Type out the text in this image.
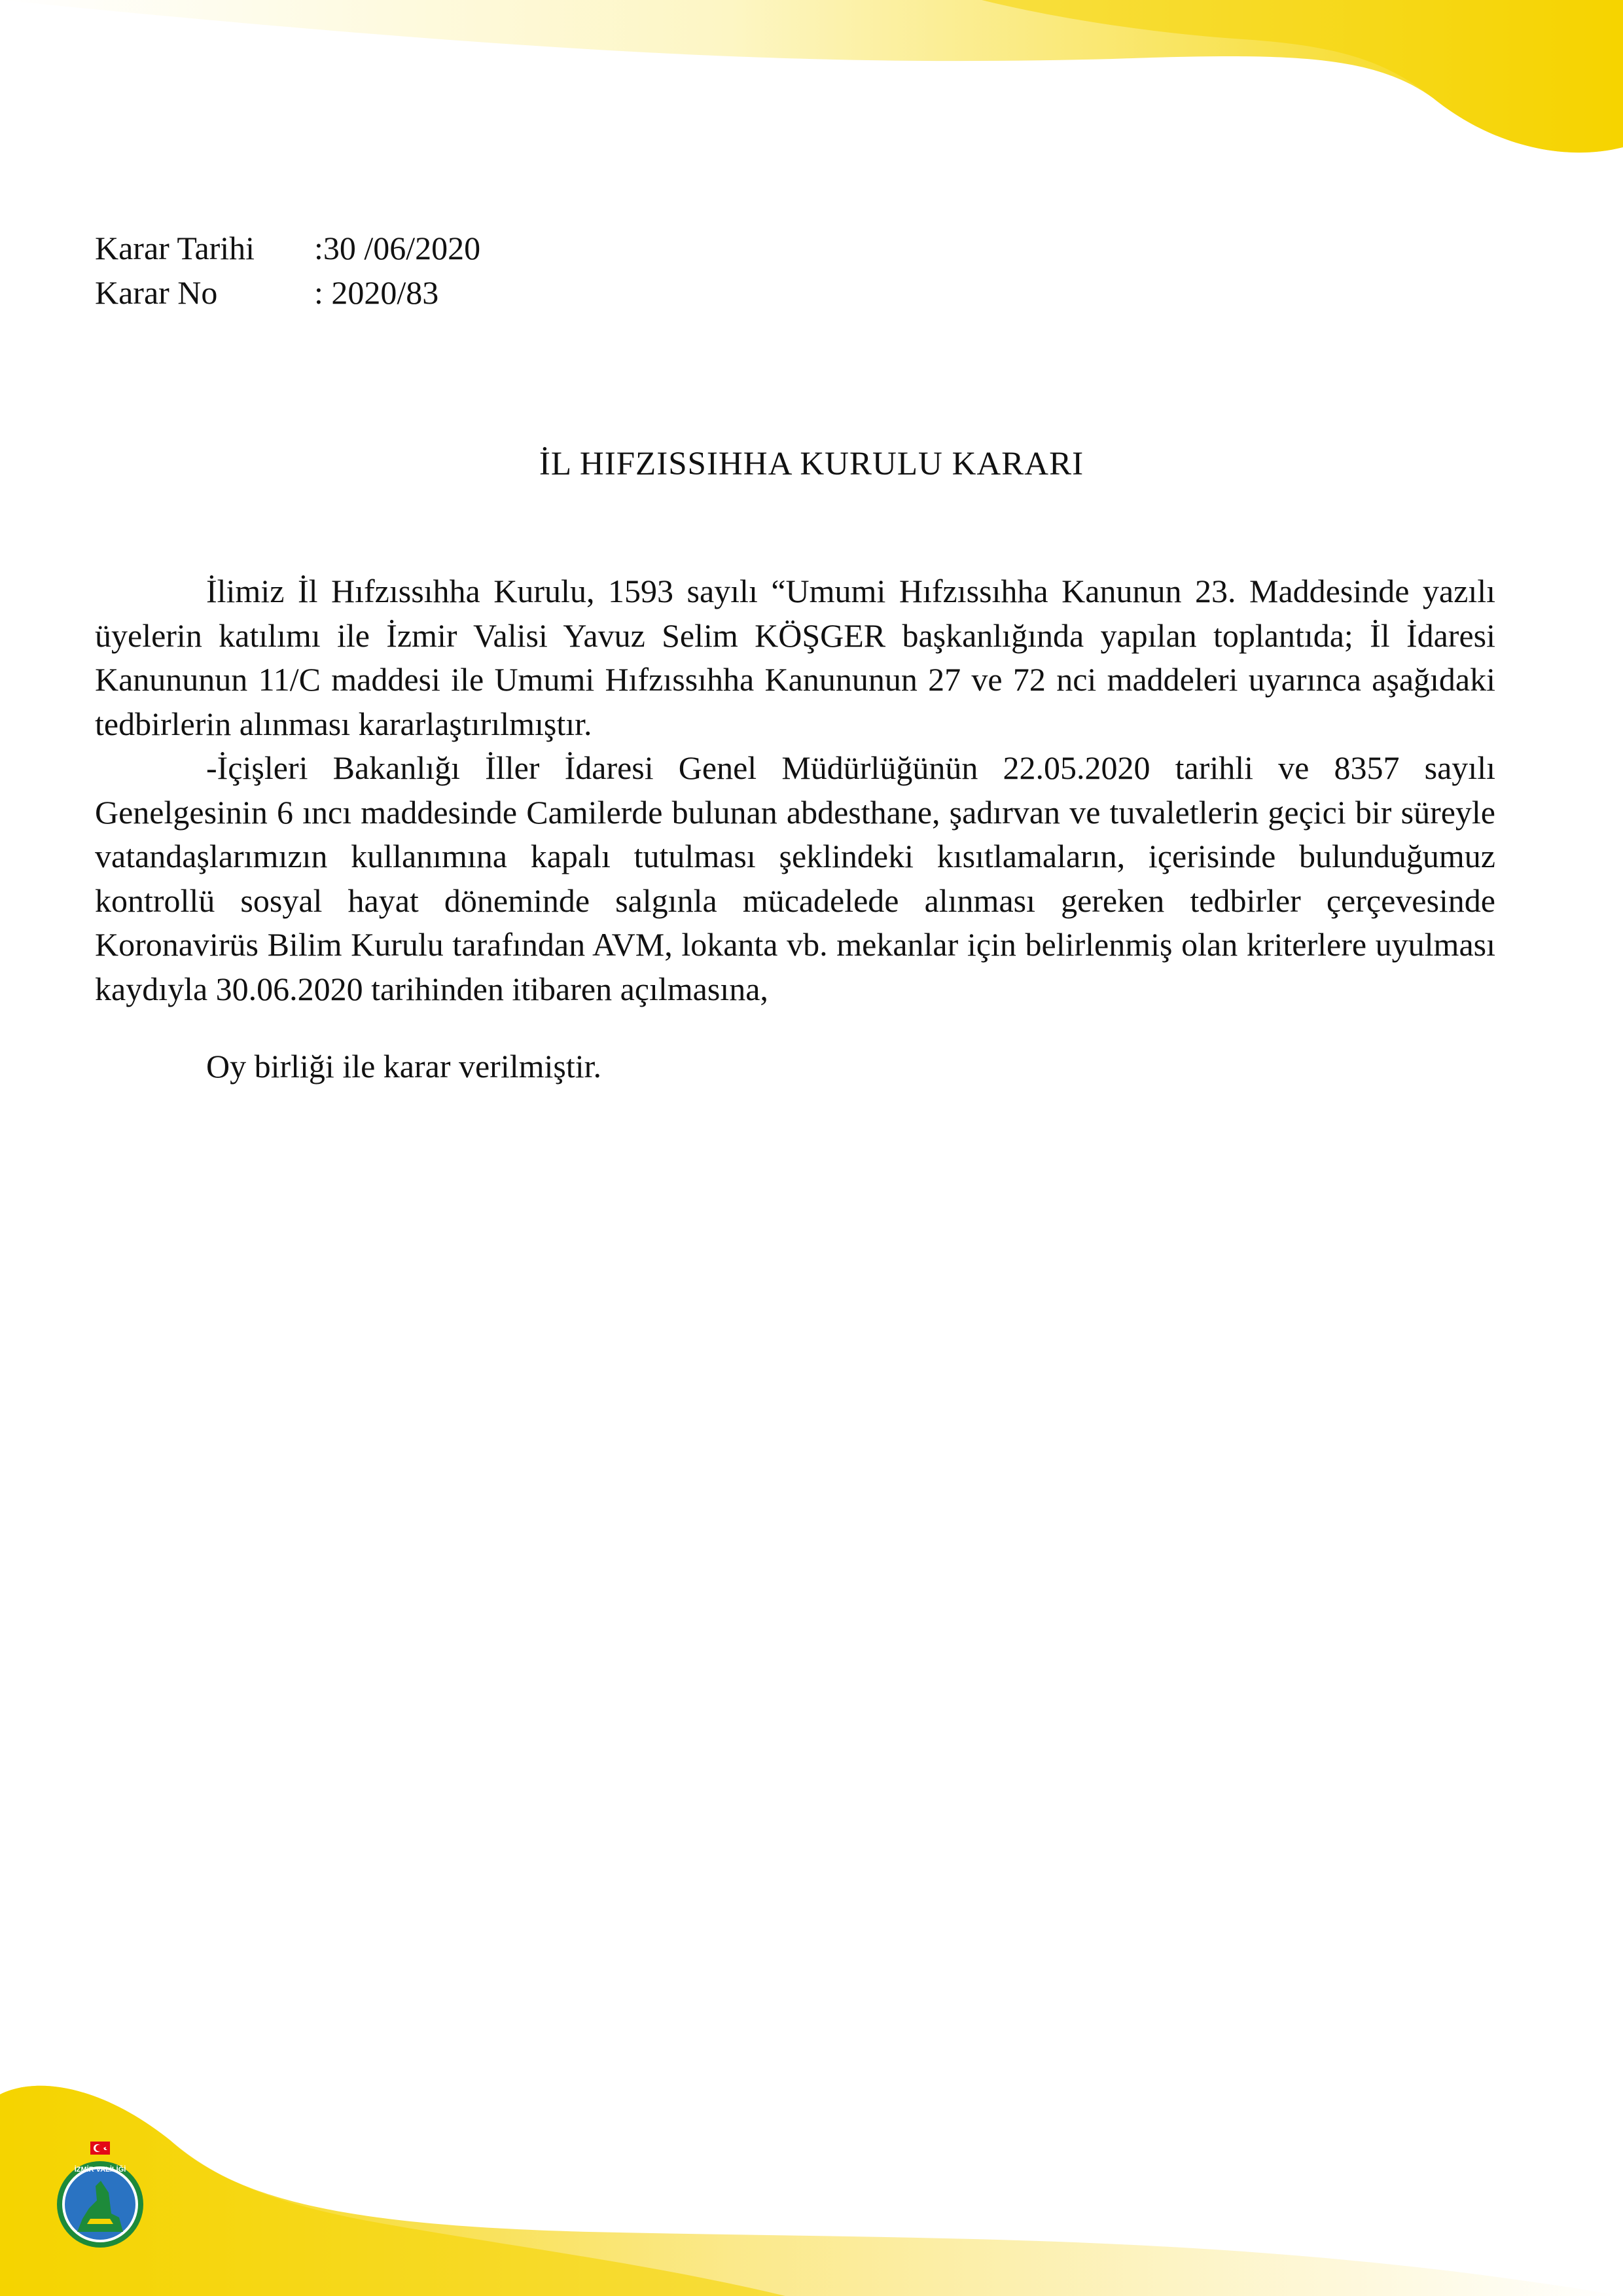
Karar Tarihi	:30 /06/2020
Karar No	: 2020/83
İL HIFZISSIHHA KURULU KARARI

İlimiz İl Hıfzıssıhha Kurulu, 1593 sayılı “Umumi Hıfzıssıhha Kanunun 23. Maddesinde yazılı üyelerin katılımı ile İzmir Valisi Yavuz Selim KÖŞGER başkanlığında yapılan toplantıda; İl İdaresi Kanununun 11/C maddesi ile Umumi Hıfzıssıhha Kanununun 27 ve 72 nci maddeleri uyarınca aşağıdaki tedbirlerin alınması kararlaştırılmıştır.

-İçişleri Bakanlığı İller İdaresi Genel Müdürlüğünün 22.05.2020 tarihli ve 8357 sayılı Genelgesinin 6 ıncı maddesinde Camilerde bulunan abdesthane, şadırvan ve tuvaletlerin geçici bir süreyle vatandaşlarımızın kullanımına kapalı tutulması şeklindeki kısıtlamaların, içerisinde bulunduğumuz kontrollü sosyal hayat döneminde salgınla mücadelede alınması gereken tedbirler çerçevesinde Koronavirüs Bilim Kurulu tarafından AVM, lokanta vb. mekanlar için belirlenmiş olan kriterlere uyulması kaydıyla 30.06.2020 tarihinden itibaren açılmasına,

Oy birliği ile karar verilmiştir.
İZMİR VALİLİĞİ
